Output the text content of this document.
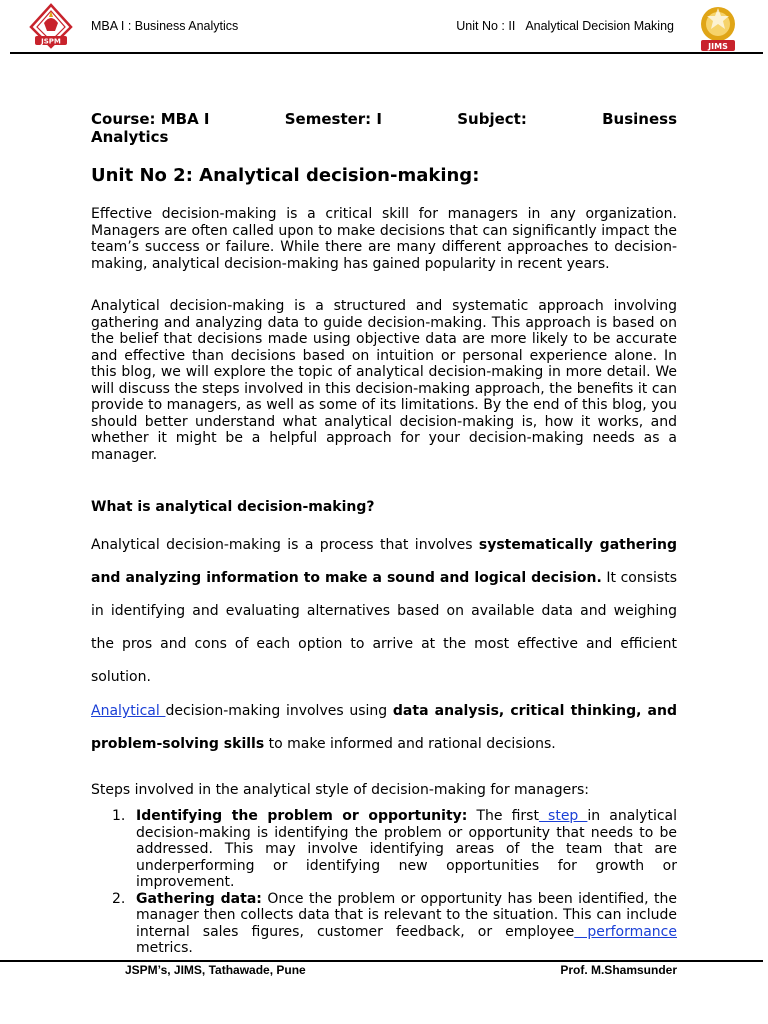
JSPM
MBA I : Business Analytics	Unit No : II Analytical Decision Making
JIMS
Course: MBA I	Semester: I	Subject:	Business
Analytics
Unit No 2: Analytical decision-making:
Effective decision-making is a critical skill for managers in any organization. Managers are often called upon to make decisions that can significantly impact the team’s success or failure. While there are many different approaches to decision-making, analytical decision-making has gained popularity in recent years.
Analytical decision-making is a structured and systematic approach involving gathering and analyzing data to guide decision-making. This approach is based on the belief that decisions made using objective data are more likely to be accurate and effective than decisions based on intuition or personal experience alone. In this blog, we will explore the topic of analytical decision-making in more detail. We will discuss the steps involved in this decision-making approach, the benefits it can provide to managers, as well as some of its limitations. By the end of this blog, you should better understand what analytical decision-making is, how it works, and whether it might be a helpful approach for your decision-making needs as a manager.
What is analytical decision-making?
Analytical decision-making is a process that involves systematically gathering and analyzing information to make a sound and logical decision. It consists in identifying and evaluating alternatives based on available data and weighing the pros and cons of each option to arrive at the most effective and efficient solution.
Analytical decision-making involves using data analysis, critical thinking, and problem-solving skills to make informed and rational decisions.
Steps involved in the analytical style of decision-making for managers:
1. Identifying the problem or opportunity: The first step in analytical decision-making is identifying the problem or opportunity that needs to be addressed. This may involve identifying areas of the team that are underperforming or identifying new opportunities for growth or improvement.
2. Gathering data: Once the problem or opportunity has been identified, the manager then collects data that is relevant to the situation. This can include internal sales figures, customer feedback, or employee performance metrics.
JSPM’s, JIMS, Tathawade, Pune	Prof. M.Shamsunder
